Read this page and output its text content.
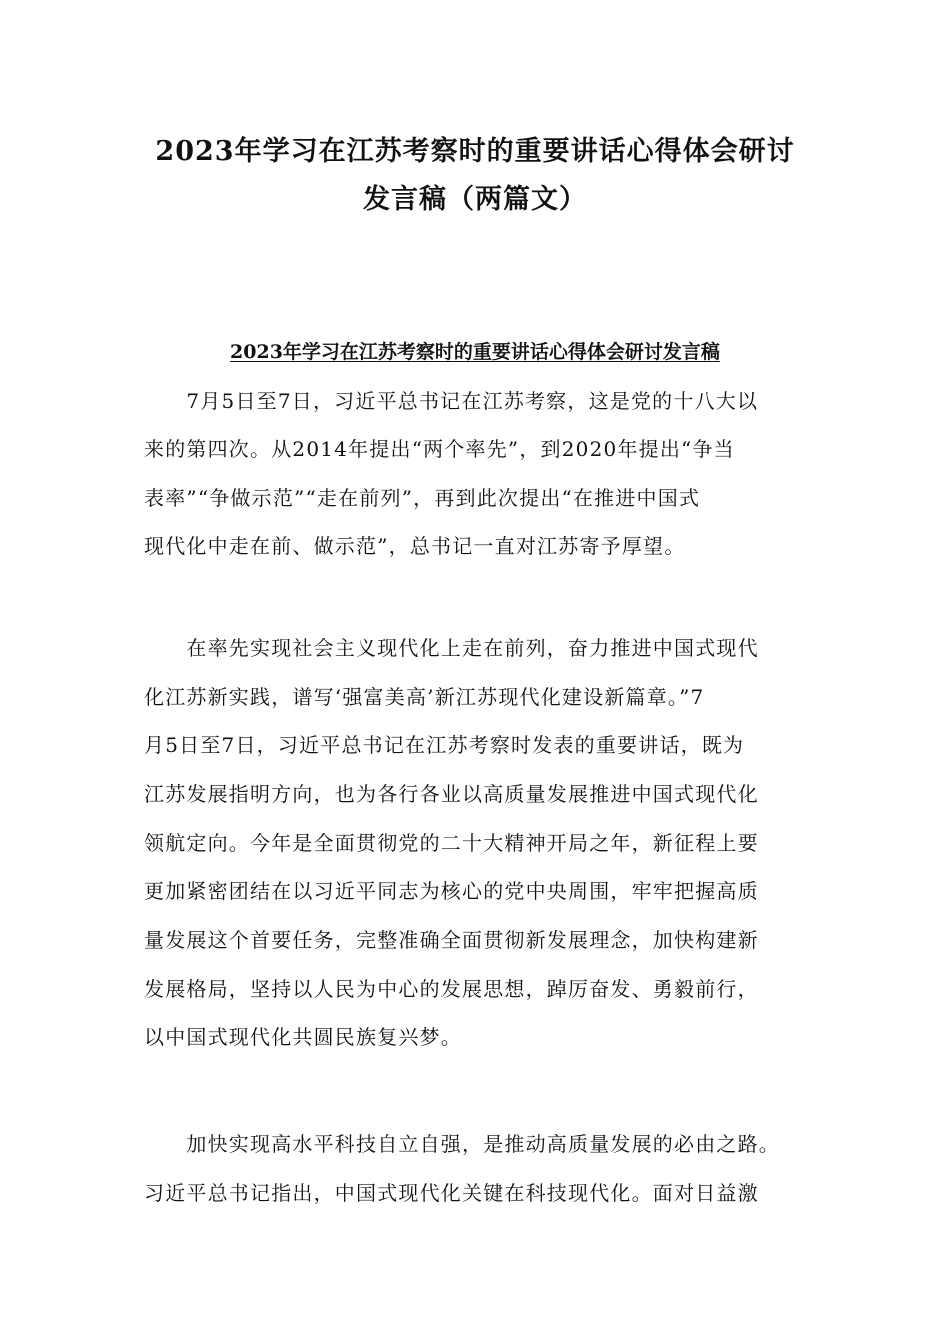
2023年学习在江苏考察时的重要讲话心得体会研讨
发言稿（两篇文）
2023年学习在江苏考察时的重要讲话心得体会研讨发言稿
　　7月5日至7日，习近平总书记在江苏考察，这是党的十八大以
来的第四次。从2014年提出“两个率先”，到2020年提出“争当
表率”“争做示范”“走在前列”，再到此次提出“在推进中国式
现代化中走在前、做示范”，总书记一直对江苏寄予厚望。
　　在率先实现社会主义现代化上走在前列，奋力推进中国式现代
化江苏新实践，谱写‘强富美高’新江苏现代化建设新篇章。”7
月5日至7日，习近平总书记在江苏考察时发表的重要讲话，既为
江苏发展指明方向，也为各行各业以高质量发展推进中国式现代化
领航定向。今年是全面贯彻党的二十大精神开局之年，新征程上要
更加紧密团结在以习近平同志为核心的党中央周围，牢牢把握高质
量发展这个首要任务，完整准确全面贯彻新发展理念，加快构建新
发展格局，坚持以人民为中心的发展思想，踔厉奋发、勇毅前行，
以中国式现代化共圆民族复兴梦。
　　加快实现高水平科技自立自强，是推动高质量发展的必由之路。
习近平总书记指出，中国式现代化关键在科技现代化。面对日益激
